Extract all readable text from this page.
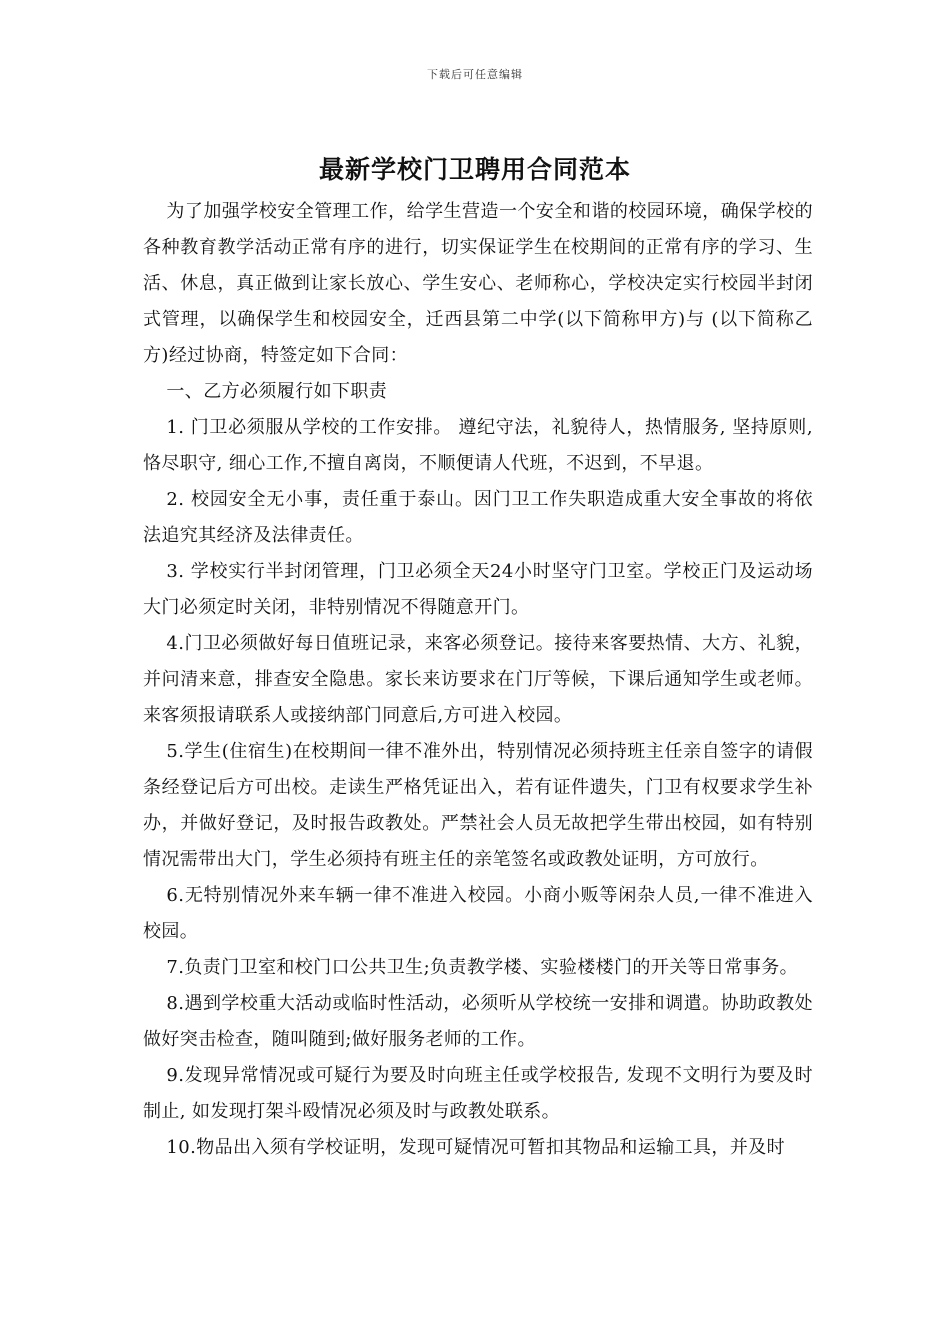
下载后可任意编辑
最新学校门卫聘用合同范本

为了加强学校安全管理工作，给学生营造一个安全和谐的校园环境，确保学校的各种教育教学活动正常有序的进行，切实保证学生在校期间的正常有序的学习、生活、休息，真正做到让家长放心、学生安心、老师称心，学校决定实行校园半封闭式管理，以确保学生和校园安全，迁西县第二中学(以下简称甲方)与 (以下简称乙方)经过协商，特签定如下合同：

一、乙方必须履行如下职责

1. 门卫必须服从学校的工作安排。 遵纪守法，礼貌待人，热情服务, 坚持原则, 恪尽职守, 细心工作,不擅自离岗，不顺便请人代班，不迟到，不早退。

2. 校园安全无小事，责任重于泰山。因门卫工作失职造成重大安全事故的将依法追究其经济及法律责任。

3. 学校实行半封闭管理，门卫必须全天24小时坚守门卫室。学校正门及运动场大门必须定时关闭，非特别情况不得随意开门。

4.门卫必须做好每日值班记录，来客必须登记。接待来客要热情、大方、礼貌，并问清来意，排查安全隐患。家长来访要求在门厅等候，下课后通知学生或老师。来客须报请联系人或接纳部门同意后,方可进入校园。

5.学生(住宿生)在校期间一律不准外出，特别情况必须持班主任亲自签字的请假条经登记后方可出校。走读生严格凭证出入，若有证件遗失，门卫有权要求学生补办，并做好登记，及时报告政教处。严禁社会人员无故把学生带出校园，如有特别情况需带出大门，学生必须持有班主任的亲笔签名或政教处证明，方可放行。

6.无特别情况外来车辆一律不准进入校园。小商小贩等闲杂人员,一律不准进入校园。

7.负责门卫室和校门口公共卫生;负责教学楼、实验楼楼门的开关等日常事务。

8.遇到学校重大活动或临时性活动，必须听从学校统一安排和调遣。协助政教处做好突击检查，随叫随到;做好服务老师的工作。

9.发现异常情况或可疑行为要及时向班主任或学校报告, 发现不文明行为要及时制止, 如发现打架斗殴情况必须及时与政教处联系。

10.物品出入须有学校证明，发现可疑情况可暂扣其物品和运输工具，并及时
